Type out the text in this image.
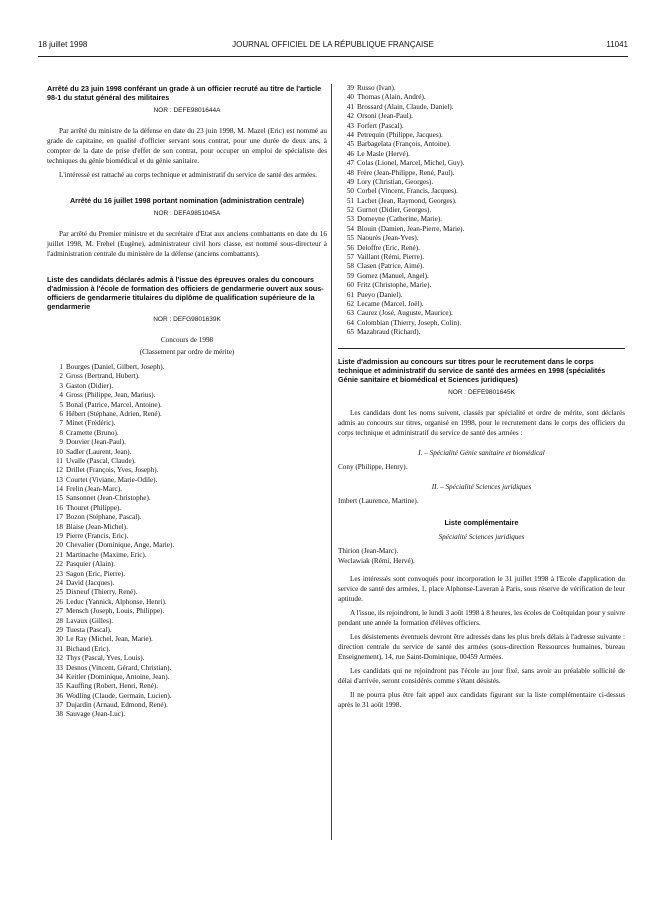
18 juillet 1998	JOURNAL OFFICIEL DE LA RÉPUBLIQUE FRANÇAISE	11041

Arrêté du 23 juin 1998 conférant un grade à un officier recruté au titre de l'article 98-1 du statut général des militaires

NOR : DEFE9801644A

Par arrêté du ministre de la défense en date du 23 juin 1998, M. Mazel (Eric) est nommé au grade de capitaine, en qualité d'officier servant sous contrat, pour une durée de deux ans, à compter de la date de prise d'effet de son contrat, pour occuper un emploi de spécialiste des techniques du génie biomédical et du génie sanitaire.

L'intéressé est rattaché au corps technique et administratif du service de santé des armées.

Arrêté du 16 juillet 1998 portant nomination (administration centrale)

NOR : DEFA9851045A

Par arrêté du Premier ministre et du secrétaire d'Etat aux anciens combattants en date du 16 juillet 1998, M. Frehel (Eugène), administrateur civil hors classe, est nommé sous-directeur à l'administration centrale du ministère de la défense (anciens combattants).

Liste des candidats déclarés admis à l'issue des épreuves orales du concours d'admission à l'école de formation des officiers de gendarmerie ouvert aux sous-officiers de gendarmerie titulaires du diplôme de qualification supérieure de la gendarmerie

NOR : DEFG9801639K

Concours de 1998

(Classement par ordre de mérite)

1 Bourges (Daniel, Gilbert, Joseph).
2 Gross (Bertrand, Hubert).
3 Gaston (Didier).
4 Gross (Philippe, Jean, Marius).
5 Bonal (Patrice, Marcel, Antoine).
6 Hébert (Stéphane, Adrien, René).
7 Minet (Frédéric).
8 Cramette (Bruno).
9 Douvier (Jean-Paul).
10 Sadler (Laurent, Jean).
11 Uvalle (Pascal, Claude).
12 Drillet (François, Yves, Joseph).
13 Courtet (Viviane, Marie-Odile).
14 Frelin (Jean-Marc).
15 Sansonnet (Jean-Christophe).
16 Thouret (Philippe).
17 Bozon (Stéphane, Pascal).
18 Blaise (Jean-Michel).
19 Pierre (Francis, Eric).
20 Chevalier (Dominique, Ange, Marie).
21 Martinache (Maxime, Eric).
22 Pasquier (Alain).
23 Sagon (Eric, Pierre).
24 David (Jacques).
25 Dixneuf (Thierry, René).
26 Leduc (Yannick, Alphonse, Henri).
27 Mensch (Joseph, Louis, Philippe).
28 Lavaux (Gilles).
29 Tuesta (Pascal).
30 Le Ray (Michel, Jean, Marie).
31 Bichaud (Eric).
32 Thys (Pascal, Yves, Louis).
33 Desnos (Vincent, Gérard, Christian).
34 Keitler (Dominique, Antoine, Jean).
35 Kauffing (Robert, Henri, René).
36 Wodling (Claude, Germain, Lucien).
37 Dujardin (Arnaud, Edmond, René).
38 Sauvage (Jean-Luc).
39 Russo (Ivan).
40 Thomas (Alain, André).
41 Brossard (Alain, Claude, Daniel).
42 Orsoni (Jean-Paul).
43 Forfert (Pascal).
44 Petrequin (Philippe, Jacques).
45 Barbagelata (François, Antoine).
46 Le Masle (Hervé).
47 Colas (Lionel, Marcel, Michel, Guy).
48 Frère (Jean-Philippe, René, Paul).
49 Lory (Christian, Georges).
50 Corbel (Vincent, Francis, Jacques).
51 Lachet (Jean, Raymond, Georges).
52 Gurnot (Didier, Georges).
53 Domeyne (Catherine, Marie).
54 Blouin (Damien, Jean-Pierre, Marie).
55 Naourès (Jean-Yves).
56 Deloffre (Eric, René).
57 Vaillant (Rémi, Pierre).
58 Clasen (Patrice, Aimé).
59 Gomez (Manuel, Angel).
60 Fritz (Christophe, Marie).
61 Pueyo (Daniel).
62 Lecame (Marcel, Joël).
63 Caurez (José, Auguste, Maurice).
64 Colombian (Thierry, Joseph, Colin).
65 Mazabraud (Richard).

Liste d'admission au concours sur titres pour le recrutement dans le corps technique et administratif du service de santé des armées en 1998 (spécialités Génie sanitaire et biomédical et Sciences juridiques)

NOR : DEFE9801645K

Les candidats dont les noms suivent, classés par spécialité et ordre de mérite, sont déclarés admis au concours sur titres, organisé en 1998, pour le recrutement dans le corps des officiers du corps technique et administratif du service de santé des armées :

I. – Spécialité Génie sanitaire et biomédical

Cony (Philippe, Henry).

II. – Spécialité Sciences juridiques

Imbert (Laurence, Martine).

Liste complémentaire

Spécialité Sciences juridiques

Thirion (Jean-Marc).

Weclawiak (Rémi, Hervé).

Les intéressés sont convoqués pour incorporation le 31 juillet 1998 à l'Ecole d'application du service de santé des armées, 1, place Alphonse-Laveran à Paris, sous réserve de vérification de leur aptitude.

A l'issue, ils rejoindront, le lundi 3 août 1998 à 8 heures, les écoles de Coëtquidan pour y suivre pendant une année la formation d'élèves officiers.

Les désistements éventuels devront être adressés dans les plus brefs délais à l'adresse suivante : direction centrale du service de santé des armées (sous-direction Ressources humaines, bureau Enseignement), 14, rue Saint-Dominique, 00459 Armées.

Les candidats qui ne rejoindront pas l'école au jour fixé, sans avoir au préalable sollicité de délai d'arrivée, seront considérés comme s'étant désistés.

Il ne pourra plus être fait appel aux candidats figurant sur la liste complémentaire ci-dessus après le 31 août 1998.
